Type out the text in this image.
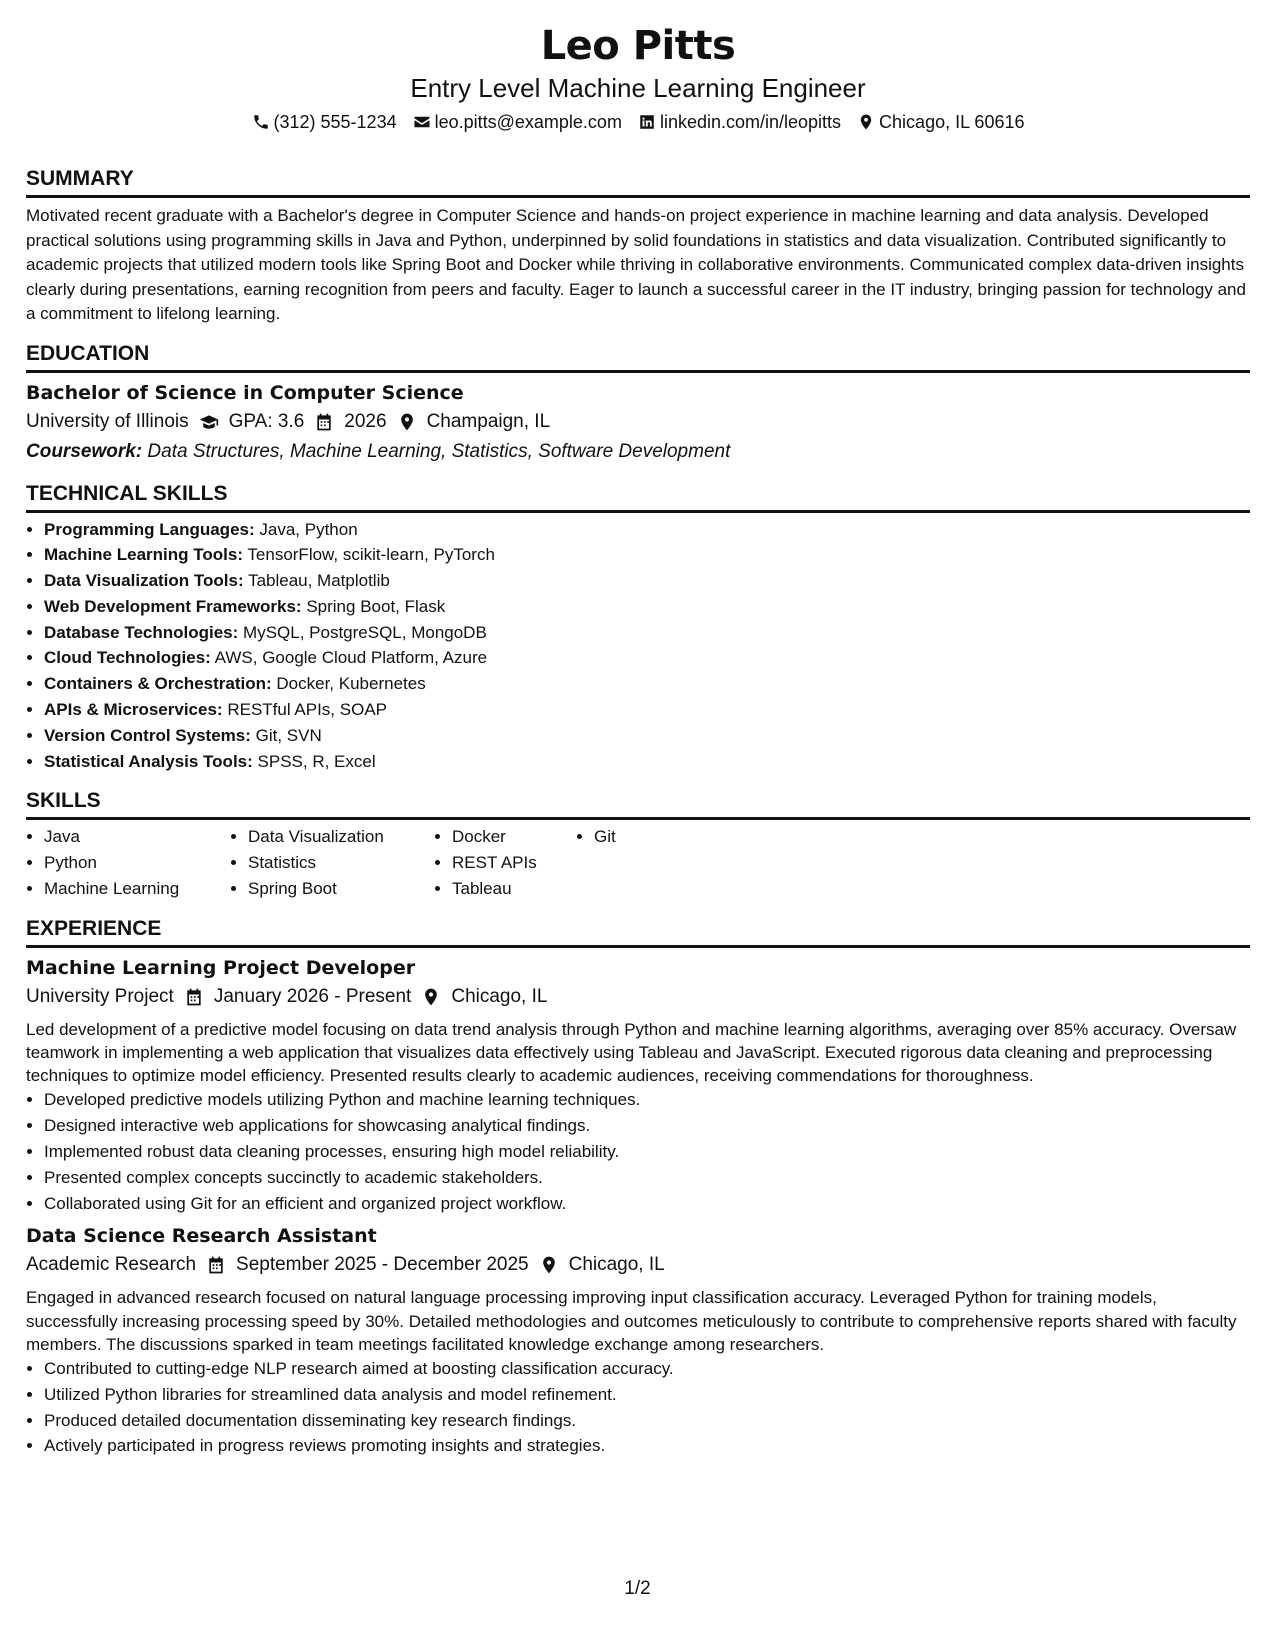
Leo Pitts
Entry Level Machine Learning Engineer
(312) 555-1234 leo.pitts@example.com linkedin.com/in/leopitts Chicago, IL 60616
SUMMARY

Motivated recent graduate with a Bachelor's degree in Computer Science and hands-on project experience in machine learning and data analysis. Developed practical solutions using programming skills in Java and Python, underpinned by solid foundations in statistics and data visualization. Contributed significantly to academic projects that utilized modern tools like Spring Boot and Docker while thriving in collaborative environments. Communicated complex data-driven insights clearly during presentations, earning recognition from peers and faculty. Eager to launch a successful career in the IT industry, bringing passion for technology and a commitment to lifelong learning.

EDUCATION
Bachelor of Science in Computer Science
University of Illinois GPA: 3.6 2026 Champaign, IL
Coursework: Data Structures, Machine Learning, Statistics, Software Development
TECHNICAL SKILLS
• Programming Languages: Java, Python
• Machine Learning Tools: TensorFlow, scikit-learn, PyTorch
• Data Visualization Tools: Tableau, Matplotlib
• Web Development Frameworks: Spring Boot, Flask
• Database Technologies: MySQL, PostgreSQL, MongoDB
• Cloud Technologies: AWS, Google Cloud Platform, Azure
• Containers & Orchestration: Docker, Kubernetes
• APIs & Microservices: RESTful APIs, SOAP
• Version Control Systems: Git, SVN
• Statistical Analysis Tools: SPSS, R, Excel
SKILLS
• Java
• Python
• Machine Learning
• Data Visualization
• Statistics
• Spring Boot
• Docker
• REST APIs
• Tableau
• Git
EXPERIENCE
Machine Learning Project Developer
University Project January 2026 - Present Chicago, IL

Led development of a predictive model focusing on data trend analysis through Python and machine learning algorithms, averaging over 85% accuracy. Oversaw teamwork in implementing a web application that visualizes data effectively using Tableau and JavaScript. Executed rigorous data cleaning and preprocessing techniques to optimize model efficiency. Presented results clearly to academic audiences, receiving commendations for thoroughness.

• Developed predictive models utilizing Python and machine learning techniques.
• Designed interactive web applications for showcasing analytical findings.
• Implemented robust data cleaning processes, ensuring high model reliability.
• Presented complex concepts succinctly to academic stakeholders.
• Collaborated using Git for an efficient and organized project workflow.
Data Science Research Assistant
Academic Research September 2025 - December 2025 Chicago, IL

Engaged in advanced research focused on natural language processing improving input classification accuracy. Leveraged Python for training models, successfully increasing processing speed by 30%. Detailed methodologies and outcomes meticulously to contribute to comprehensive reports shared with faculty members. The discussions sparked in team meetings facilitated knowledge exchange among researchers.

• Contributed to cutting-edge NLP research aimed at boosting classification accuracy.
• Utilized Python libraries for streamlined data analysis and model refinement.
• Produced detailed documentation disseminating key research findings.
• Actively participated in progress reviews promoting insights and strategies.
1/2
